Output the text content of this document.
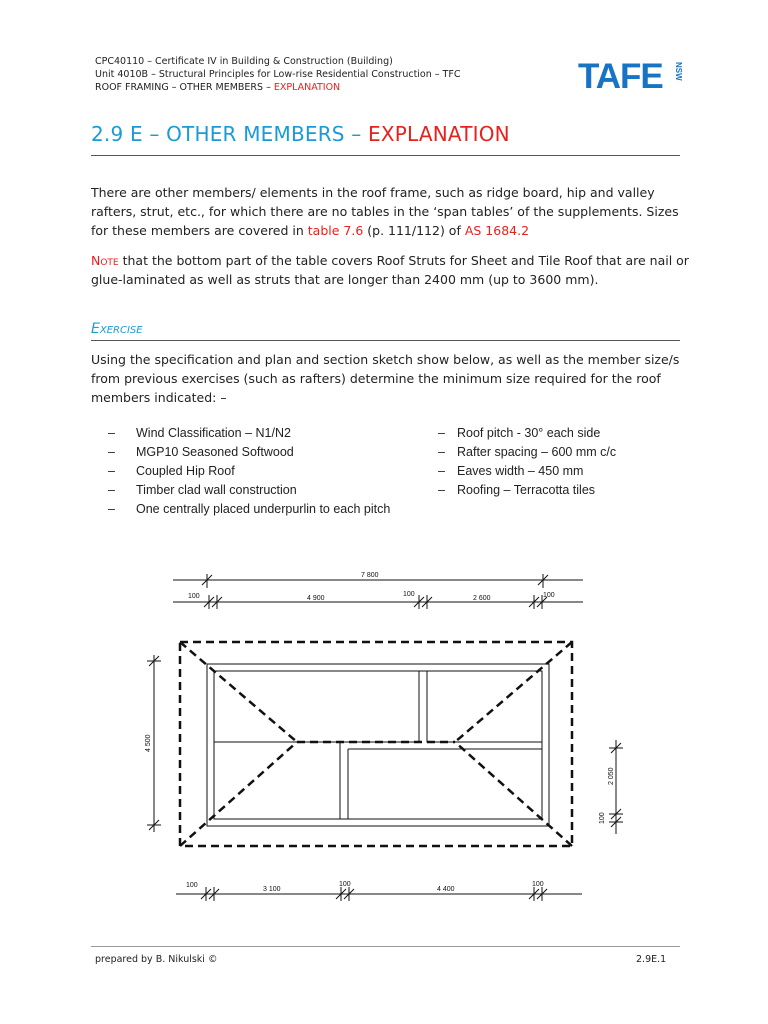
CPC40110 – Certificate IV in Building & Construction (Building)
Unit 4010B – Structural Principles for Low-rise Residential Construction – TFC
ROOF FRAMING – OTHER MEMBERS – EXPLANATION	TAFE NSW
2.9 E – OTHER MEMBERS – EXPLANATION
There are other members/ elements in the roof frame, such as ridge board, hip and valley rafters, strut, etc., for which there are no tables in the ‘span tables’ of the supplements. Sizes for these members are covered in table 7.6 (p. 111/112) of AS 1684.2
Note that the bottom part of the table covers Roof Struts for Sheet and Tile Roof that are nail or glue-laminated as well as struts that are longer than 2400 mm (up to 3600 mm).
Exercise
Using the specification and plan and section sketch show below, as well as the member size/s from previous exercises (such as rafters) determine the minimum size required for the roof members indicated: –
– Wind Classification – N1/N2
– MGP10 Seasoned Softwood
– Coupled Hip Roof
– Timber clad wall construction
– One centrally placed underpurlin to each pitch
– Roof pitch - 30° each side
– Rafter spacing – 600 mm c/c
– Eaves width – 450 mm
– Roofing – Terracotta tiles
7 800
100	4 900
100
2 600	100
4 500
2 050
100
100
3 100
100
4 400
100
prepared by B. Nikulski ©	2.9E.1
